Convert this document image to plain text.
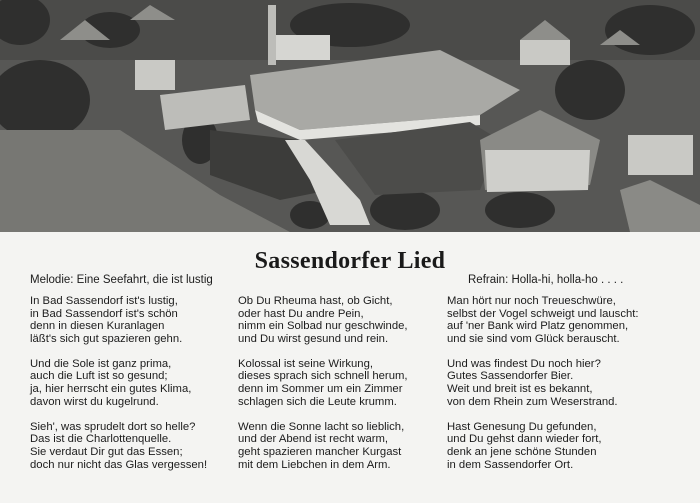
Sassendorfer Lied
Melodie: Eine Seefahrt, die ist lustig	Refrain: Holla-hi, holla-ho . . . .
In Bad Sassendorf ist's lustig,
in Bad Sassendorf ist's schön
denn in diesen Kuranlagen
läßt's sich gut spazieren gehn.
Und die Sole ist ganz prima,
auch die Luft ist so gesund;
ja, hier herrscht ein gutes Klima,
davon wirst du kugelrund.
Sieh', was sprudelt dort so helle?
Das ist die Charlottenquelle.
Sie verdaut Dir gut das Essen;
doch nur nicht das Glas vergessen!
Ob Du Rheuma hast, ob Gicht,
oder hast Du andre Pein,
nimm ein Solbad nur geschwinde,
und Du wirst gesund und rein.
Kolossal ist seine Wirkung,
dieses sprach sich schnell herum,
denn im Sommer um ein Zimmer
schlagen sich die Leute krumm.
Wenn die Sonne lacht so lieblich,
und der Abend ist recht warm,
geht spazieren mancher Kurgast
mit dem Liebchen in dem Arm.
Man hört nur noch Treueschwüre,
selbst der Vogel schweigt und lauscht:
auf 'ner Bank wird Platz genommen,
und sie sind vom Glück berauscht.
Und was findest Du noch hier?
Gutes Sassendorfer Bier.
Weit und breit ist es bekannt,
von dem Rhein zum Weserstrand.
Hast Genesung Du gefunden,
und Du gehst dann wieder fort,
denk an jene schöne Stunden
in dem Sassendorfer Ort.
